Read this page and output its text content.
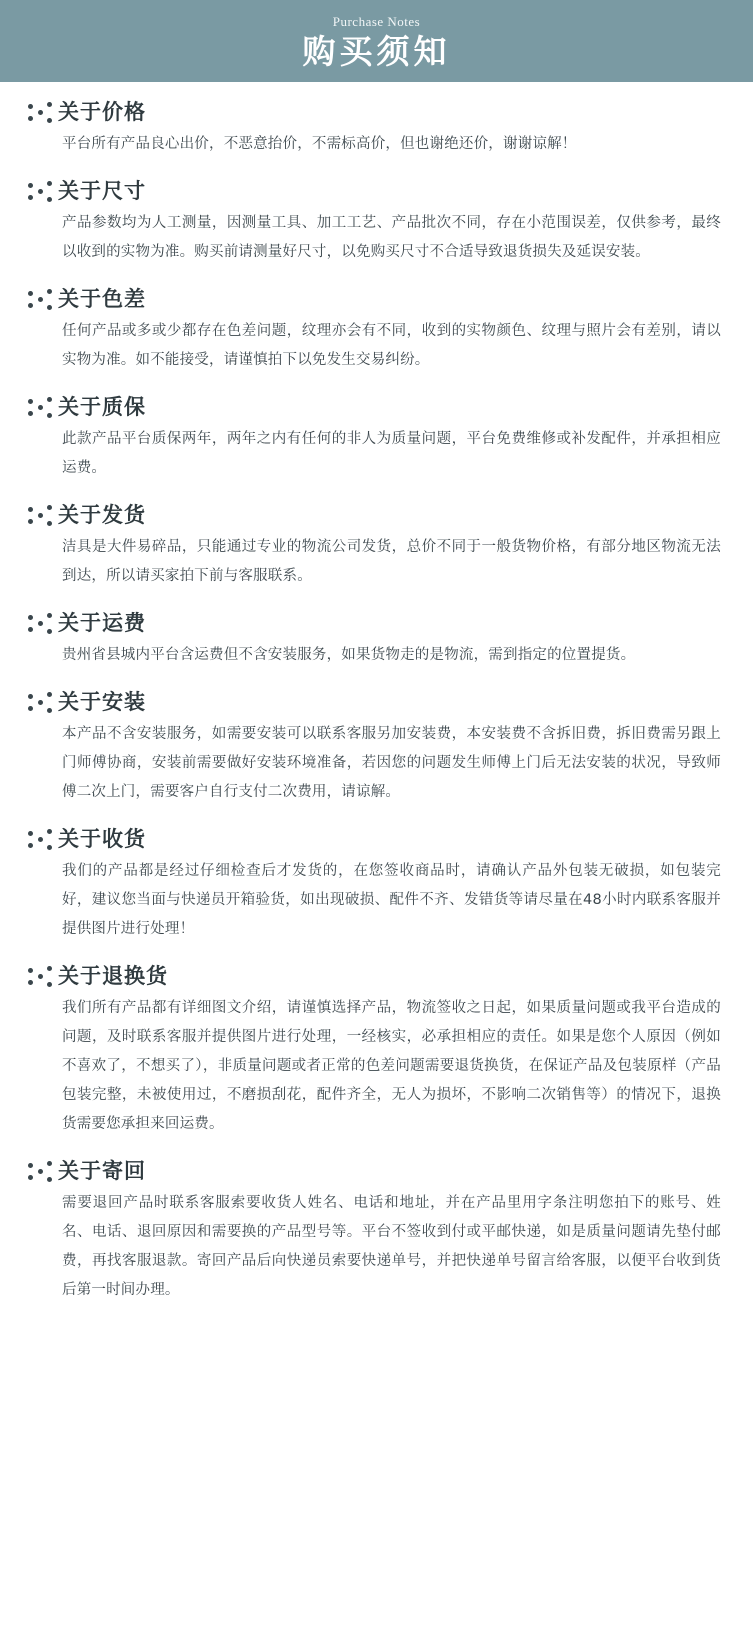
Purchase Notes
购买须知
关于价格
平台所有产品良心出价，不恶意抬价，不需标高价，但也谢绝还价，谢谢谅解！
关于尺寸
产品参数均为人工测量，因测量工具、加工工艺、产品批次不同，存在小范围误差，仅供参考，最终以收到的实物为准。购买前请测量好尺寸，以免购买尺寸不合适导致退货损失及延误安装。
关于色差
任何产品或多或少都存在色差问题，纹理亦会有不同，收到的实物颜色、纹理与照片会有差别，请以实物为准。如不能接受，请谨慎拍下以免发生交易纠纷。
关于质保
此款产品平台质保两年，两年之内有任何的非人为质量问题，平台免费维修或补发配件，并承担相应运费。
关于发货
洁具是大件易碎品，只能通过专业的物流公司发货，总价不同于一般货物价格，有部分地区物流无法到达，所以请买家拍下前与客服联系。
关于运费
贵州省县城内平台含运费但不含安装服务，如果货物走的是物流，需到指定的位置提货。
关于安装
本产品不含安装服务，如需要安装可以联系客服另加安装费，本安装费不含拆旧费，拆旧费需另跟上门师傅协商，安装前需要做好安装环境准备，若因您的问题发生师傅上门后无法安装的状况，导致师傅二次上门，需要客户自行支付二次费用，请谅解。
关于收货
我们的产品都是经过仔细检查后才发货的，在您签收商品时，请确认产品外包装无破损，如包装完好，建议您当面与快递员开箱验货，如出现破损、配件不齐、发错货等请尽量在48小时内联系客服并提供图片进行处理！
关于退换货
我们所有产品都有详细图文介绍，请谨慎选择产品，物流签收之日起，如果质量问题或我平台造成的问题，及时联系客服并提供图片进行处理，一经核实，必承担相应的责任。如果是您个人原因（例如不喜欢了，不想买了），非质量问题或者正常的色差问题需要退货换货，在保证产品及包装原样（产品包装完整，未被使用过，不磨损刮花，配件齐全，无人为损坏，不影响二次销售等）的情况下，退换货需要您承担来回运费。
关于寄回
需要退回产品时联系客服索要收货人姓名、电话和地址，并在产品里用字条注明您拍下的账号、姓名、电话、退回原因和需要换的产品型号等。平台不签收到付或平邮快递，如是质量问题请先垫付邮费，再找客服退款。寄回产品后向快递员索要快递单号，并把快递单号留言给客服，以便平台收到货后第一时间办理。
